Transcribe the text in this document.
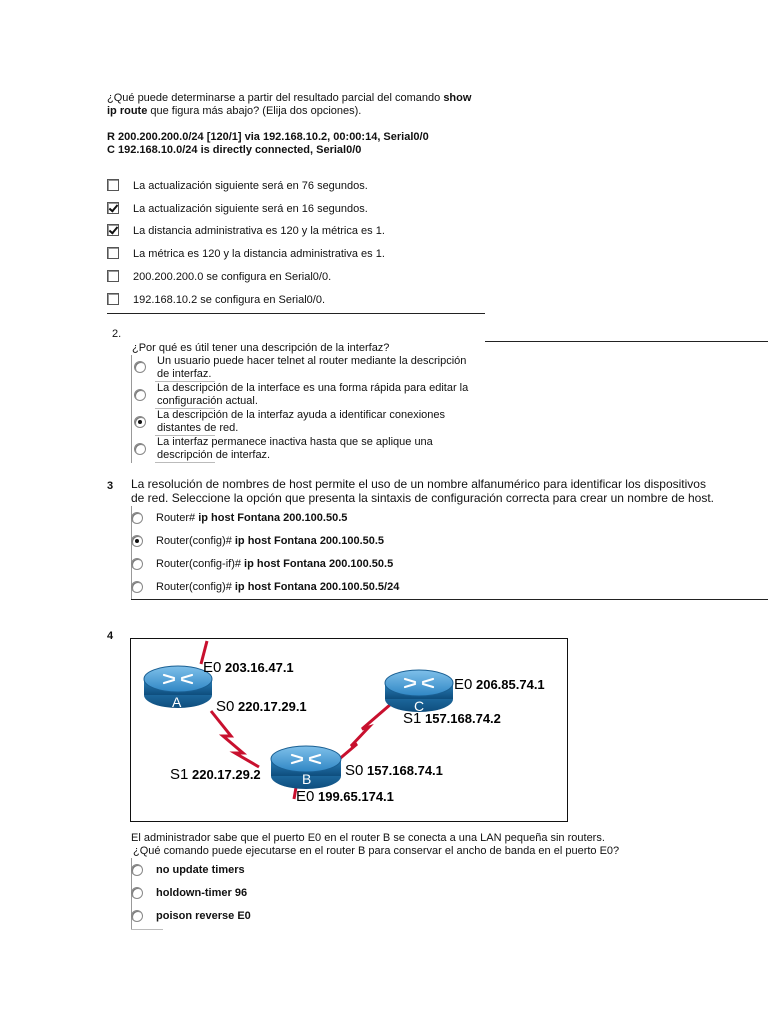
¿Qué puede determinarse a partir del resultado parcial del comando show
ip route que figura más abajo? (Elija dos opciones).
R 200.200.200.0/24 [120/1] via 192.168.10.2, 00:00:14, Serial0/0
C 192.168.10.0/24 is directly connected, Serial0/0
La actualización siguiente será en 76 segundos.
La actualización siguiente será en 16 segundos.
La distancia administrativa es 120 y la métrica es 1.
La métrica es 120 y la distancia administrativa es 1.
200.200.200.0 se configura en Serial0/0.
192.168.10.2 se configura en Serial0/0.
2.
¿Por qué es útil tener una descripción de la interfaz?
Un usuario puede hacer telnet al router mediante la descripción
de interfaz.
La descripción de la interface es una forma rápida para editar la
configuración actual.
La descripción de la interfaz ayuda a identificar conexiones
distantes de red.
La interfaz permanece inactiva hasta que se aplique una
descripción de interfaz.
3 La resolución de nombres de host permite el uso de un nombre alfanumérico para identificar los dispositivos
de red. Seleccione la opción que presenta la sintaxis de configuración correcta para crear un nombre de host.
Router# ip host Fontana 200.100.50.5
Router(config)# ip host Fontana 200.100.50.5
Router(config-if)# ip host Fontana 200.100.50.5
Router(config)# ip host Fontana 200.100.50.5/24
4
A	C
B
E0 203.16.47.1
S0 220.17.29.1
E0 206.85.74.1
S1 157.168.74.2
S1 220.17.29.2	S0 157.168.74.1
E0 199.65.174.1
El administrador sabe que el puerto E0 en el router B se conecta a una LAN pequeña sin routers.
¿Qué comando puede ejecutarse en el router B para conservar el ancho de banda en el puerto E0?
no update timers
holdown-timer 96
poison reverse E0
